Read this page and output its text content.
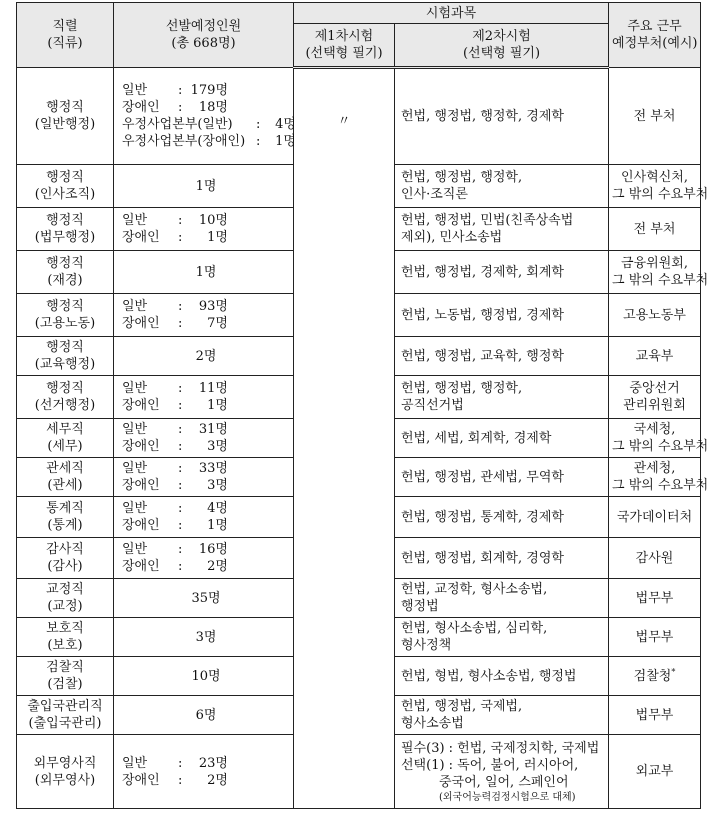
직렬
(직류)	선발예정인원
(총 668명)	시험과목		주요 근무
예정부처(예시)

		제1차시험
(선택형 필기)	제2차시험
(선택형 필기)	

행정직
(일반행정)	일반 : 179명
장애인 : 18명
우정사업본부(일반) : 4명
우정사업본부(장애인) : 1명	〃	헌법, 행정법, 행정학, 경제학	전 부처

행정직
(인사조직)	1명		헌법, 행정법, 행정학,
인사·조직론	인사혁신처,
그 밖의 수요부처

행정직
(법무행정)	일반 : 10명
장애인 : 1명		헌법, 행정법, 민법(친족상속법
제외), 민사소송법	전 부처

행정직
(재경)	1명		헌법, 행정법, 경제학, 회계학	금융위원회,
그 밖의 수요부처

행정직
(고용노동)	일반 : 93명
장애인 : 7명		헌법, 노동법, 행정법, 경제학	고용노동부

행정직
(교육행정)	2명		헌법, 행정법, 교육학, 행정학	교육부

행정직
(선거행정)	일반 : 11명
장애인 : 1명		헌법, 행정법, 행정학,
공직선거법	중앙선거
관리위원회

세무직
(세무)	일반 : 31명
장애인 : 3명		헌법, 세법, 회계학, 경제학	국세청,
그 밖의 수요부처

관세직
(관세)	일반 : 33명
장애인 : 3명		헌법, 행정법, 관세법, 무역학	관세청,
그 밖의 수요부처

통계직
(통계)	일반 : 4명
장애인 : 1명		헌법, 행정법, 통계학, 경제학	국가데이터처

감사직
(감사)	일반 : 16명
장애인 : 2명		헌법, 행정법, 회계학, 경영학	감사원

교정직
(교정)	35명		헌법, 교정학, 형사소송법,
행정법	법무부

보호직
(보호)	3명		헌법, 형사소송법, 심리학,
형사정책	법무부

검찰직
(검찰)	10명		헌법, 형법, 형사소송법, 행정법	검찰청*

출입국관리직
(출입국관리)	6명		헌법, 행정법, 국제법,
형사소송법	법무부

외무영사직
(외무영사)	일반 : 23명
장애인 : 2명		필수(3) : 헌법, 국제정치학, 국제법
선택(1) : 독어, 불어, 러시아어,
중국어, 일어, 스페인어
(외국어능력검정시험으로 대체)	외교부
